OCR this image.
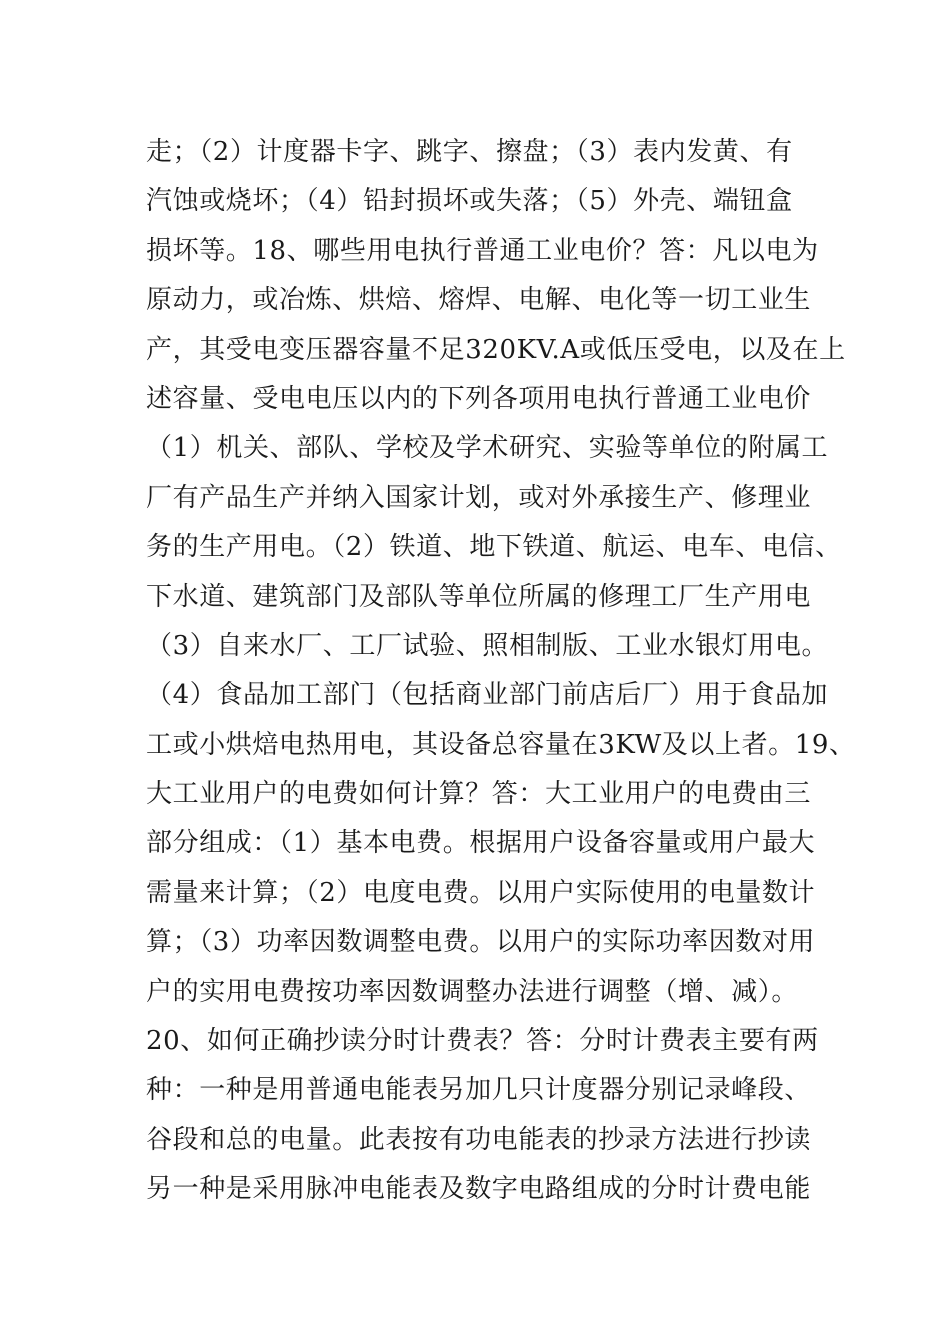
走；（2）计度器卡字、跳字、擦盘；（3）表内发黄、有
汽蚀或烧坏；（4）铅封损坏或失落；（5）外壳、端钮盒
损坏等。18、哪些用电执行普通工业电价？答：凡以电为
原动力，或冶炼、烘焙、熔焊、电解、电化等一切工业生
产，其受电变压器容量不足320KV.A或低压受电，以及在上
述容量、受电电压以内的下列各项用电执行普通工业电价
（1）机关、部队、学校及学术研究、实验等单位的附属工
厂有产品生产并纳入国家计划，或对外承接生产、修理业
务的生产用电。（2）铁道、地下铁道、航运、电车、电信、
下水道、建筑部门及部队等单位所属的修理工厂生产用电
（3）自来水厂、工厂试验、照相制版、工业水银灯用电。
（4）食品加工部门（包括商业部门前店后厂）用于食品加
工或小烘焙电热用电，其设备总容量在3KW及以上者。19、
大工业用户的电费如何计算？答：大工业用户的电费由三
部分组成：（1）基本电费。根据用户设备容量或用户最大
需量来计算；（2）电度电费。以用户实际使用的电量数计
算；（3）功率因数调整电费。以用户的实际功率因数对用
户的实用电费按功率因数调整办法进行调整（增、减）。
20、如何正确抄读分时计费表？答：分时计费表主要有两
种：一种是用普通电能表另加几只计度器分别记录峰段、
谷段和总的电量。此表按有功电能表的抄录方法进行抄读
另一种是采用脉冲电能表及数字电路组成的分时计费电能
